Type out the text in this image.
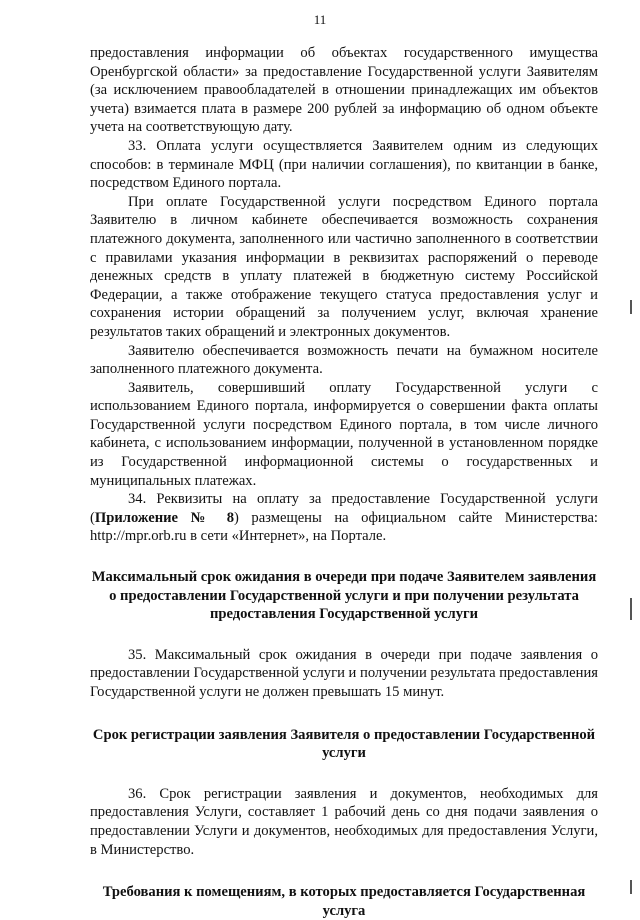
11

предоставления информации об объектах государственного имущества Оренбургской области» за предоставление Государственной услуги Заявителям (за исключением правообладателей в отношении принадлежащих им объектов учета) взимается плата в размере 200 рублей за информацию об одном объекте учета на соответствующую дату.

33. Оплата услуги осуществляется Заявителем одним из следующих способов: в терминале МФЦ (при наличии соглашения), по квитанции в банке, посредством Единого портала.

При оплате Государственной услуги посредством Единого портала Заявителю в личном кабинете обеспечивается возможность сохранения платежного документа, заполненного или частично заполненного в соответствии с правилами указания информации в реквизитах распоряжений о переводе денежных средств в уплату платежей в бюджетную систему Российской Федерации, а также отображение текущего статуса предоставления услуг и сохранения истории обращений за получением услуг, включая хранение результатов таких обращений и электронных документов.

Заявителю обеспечивается возможность печати на бумажном носителе заполненного платежного документа.

Заявитель, совершивший оплату Государственной услуги с использованием Единого портала, информируется о совершении факта оплаты Государственной услуги посредством Единого портала, в том числе личного кабинета, с использованием информации, полученной в установленном порядке из Государственной информационной системы о государственных и муниципальных платежах.

34. Реквизиты на оплату за предоставление Государственной услуги (Приложение № 8) размещены на официальном сайте Министерства: http://mpr.orb.ru в сети «Интернет», на Портале.

Максимальный срок ожидания в очереди при подаче Заявителем заявления о предоставлении Государственной услуги и при получении результата предоставления Государственной услуги

35. Максимальный срок ожидания в очереди при подаче заявления о предоставлении Государственной услуги и получении результата предоставления Государственной услуги не должен превышать 15 минут.

Срок регистрации заявления Заявителя о предоставлении Государственной услуги

36. Срок регистрации заявления и документов, необходимых для предоставления Услуги, составляет 1 рабочий день со дня подачи заявления о предоставлении Услуги и документов, необходимых для предоставления Услуги, в Министерство.

Требования к помещениям, в которых предоставляется Государственная услуга
